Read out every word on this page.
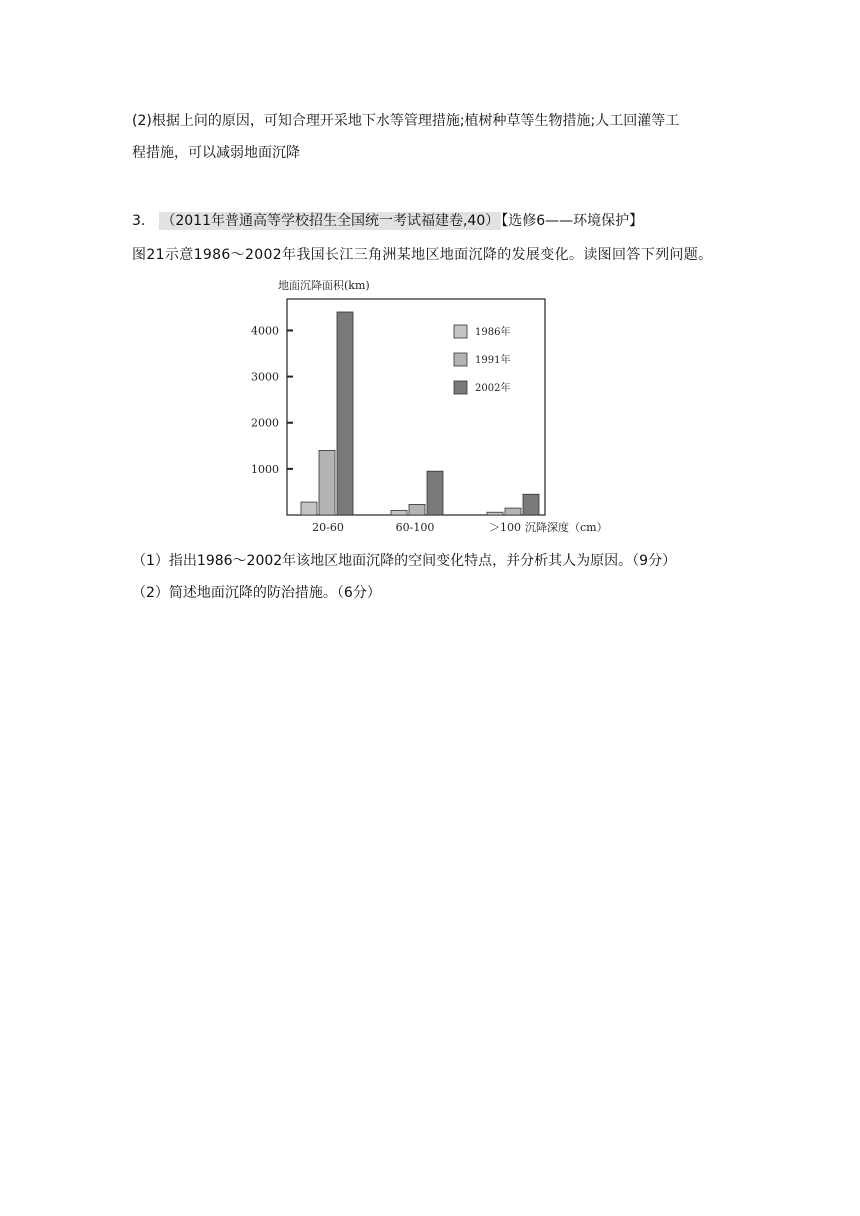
(2)根据上问的原因，可知合理开采地下水等管理措施;植树种草等生物措施;人工回灌等工
程措施，可以减弱地面沉降
3. （2011年普通高等学校招生全国统一考试福建卷,40） 【选修6——环境保护】
图21示意1986～2002年我国长江三角洲某地区地面沉降的发展变化。读图回答下列问题。
地面沉降面积(km)
1000
2000
3000
4000
20-60	60-100	＞100 沉降深度（cm）
1986年
1991年
2002年
（1）指出1986～2002年该地区地面沉降的空间变化特点，并分析其人为原因。（9分）
（2）简述地面沉降的防治措施。（6分）
